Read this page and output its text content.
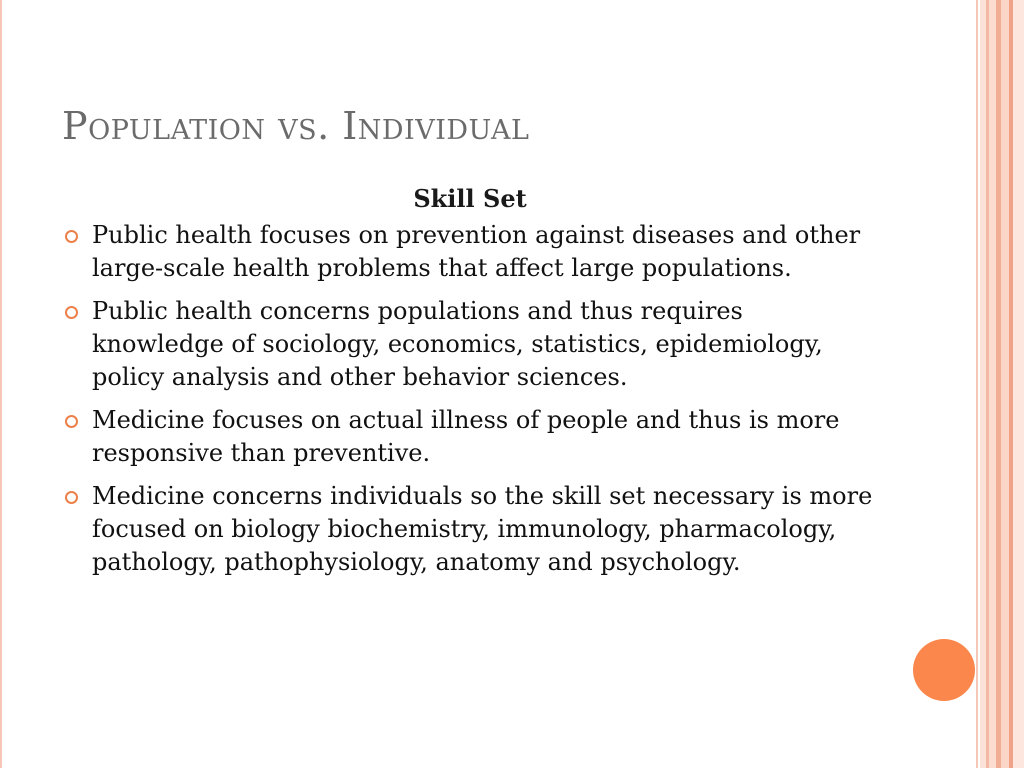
Population vs. Individual
Skill Set
Public health focuses on prevention against diseases and other large-scale health problems that affect large populations.
Public health concerns populations and thus requires knowledge of sociology, economics, statistics, epidemiology, policy analysis and other behavior sciences.
Medicine focuses on actual illness of people and thus is more responsive than preventive.
Medicine concerns individuals so the skill set necessary is more focused on biology biochemistry, immunology, pharmacology, pathology, pathophysiology, anatomy and psychology.
